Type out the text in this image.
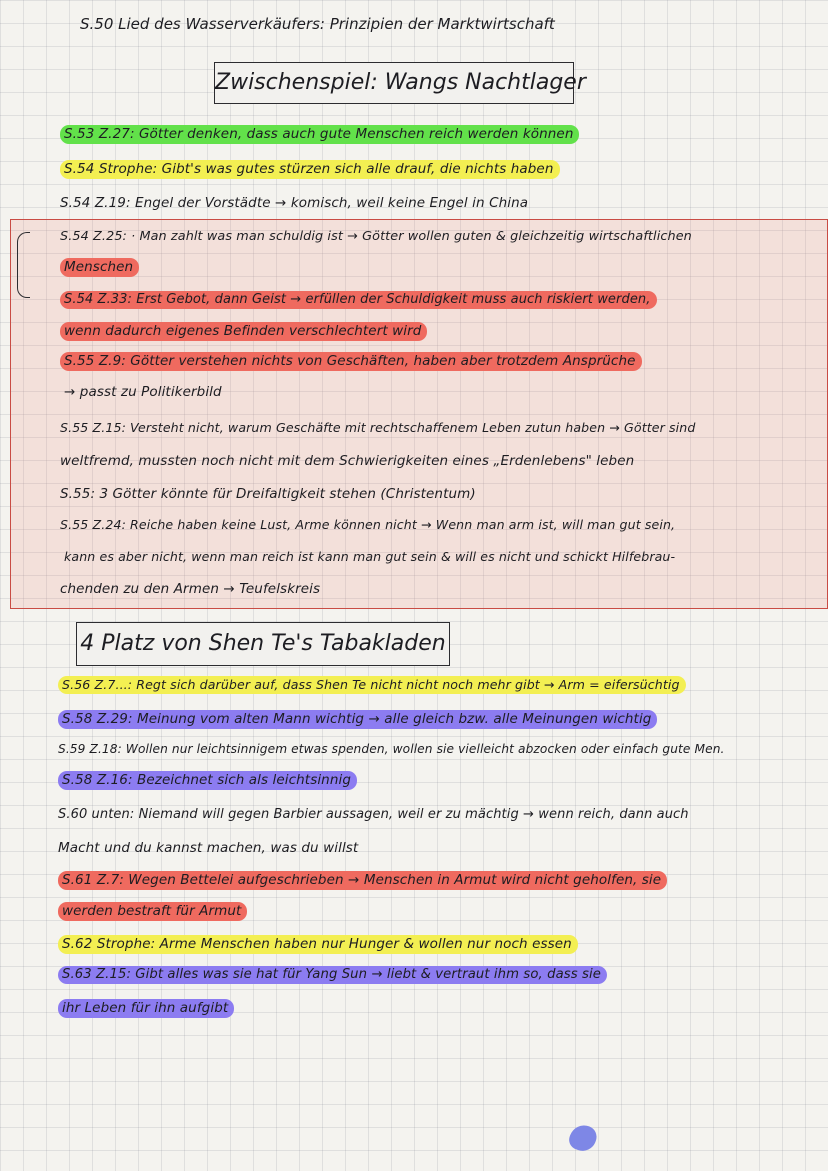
S.50 Lied des Wasserverkäufers: Prinzipien der Marktwirtschaft
Zwischenspiel: Wangs Nachtlager
S.53 Z.27: Götter denken, dass auch gute Menschen reich werden können
S.54 Strophe: Gibt's was gutes stürzen sich alle drauf, die nichts haben
S.54 Z.19: Engel der Vorstädte → komisch, weil keine Engel in China
S.54 Z.25: · Man zahlt was man schuldig ist → Götter wollen guten & gleichzeitig wirtschaftlichen
Menschen
S.54 Z.33: Erst Gebot, dann Geist → erfüllen der Schuldigkeit muss auch riskiert werden,
wenn dadurch eigenes Befinden verschlechtert wird
S.55 Z.9: Götter verstehen nichts von Geschäften, haben aber trotzdem Ansprüche
→ passt zu Politikerbild
S.55 Z.15: Versteht nicht, warum Geschäfte mit rechtschaffenem Leben zutun haben → Götter sind
weltfremd, mussten noch nicht mit dem Schwierigkeiten eines „Erdenlebens" leben
S.55: 3 Götter könnte für Dreifaltigkeit stehen (Christentum)
S.55 Z.24: Reiche haben keine Lust, Arme können nicht → Wenn man arm ist, will man gut sein,
kann es aber nicht, wenn man reich ist kann man gut sein & will es nicht und schickt Hilfebrau-
chenden zu den Armen → Teufelskreis
4 Platz von Shen Te's Tabakladen
S.56 Z.7...: Regt sich darüber auf, dass Shen Te nicht nicht noch mehr gibt → Arm = eifersüchtig
S.58 Z.29: Meinung vom alten Mann wichtig → alle gleich bzw. alle Meinungen wichtig
S.59 Z.18: Wollen nur leichtsinnigem etwas spenden, wollen sie vielleicht abzocken oder einfach gute Men.
S.58 Z.16: Bezeichnet sich als leichtsinnig
S.60 unten: Niemand will gegen Barbier aussagen, weil er zu mächtig → wenn reich, dann auch
Macht und du kannst machen, was du willst
S.61 Z.7: Wegen Bettelei aufgeschrieben → Menschen in Armut wird nicht geholfen, sie
werden bestraft für Armut
S.62 Strophe: Arme Menschen haben nur Hunger & wollen nur noch essen
S.63 Z.15: Gibt alles was sie hat für Yang Sun → liebt & vertraut ihm so, dass sie
ihr Leben für ihn aufgibt
